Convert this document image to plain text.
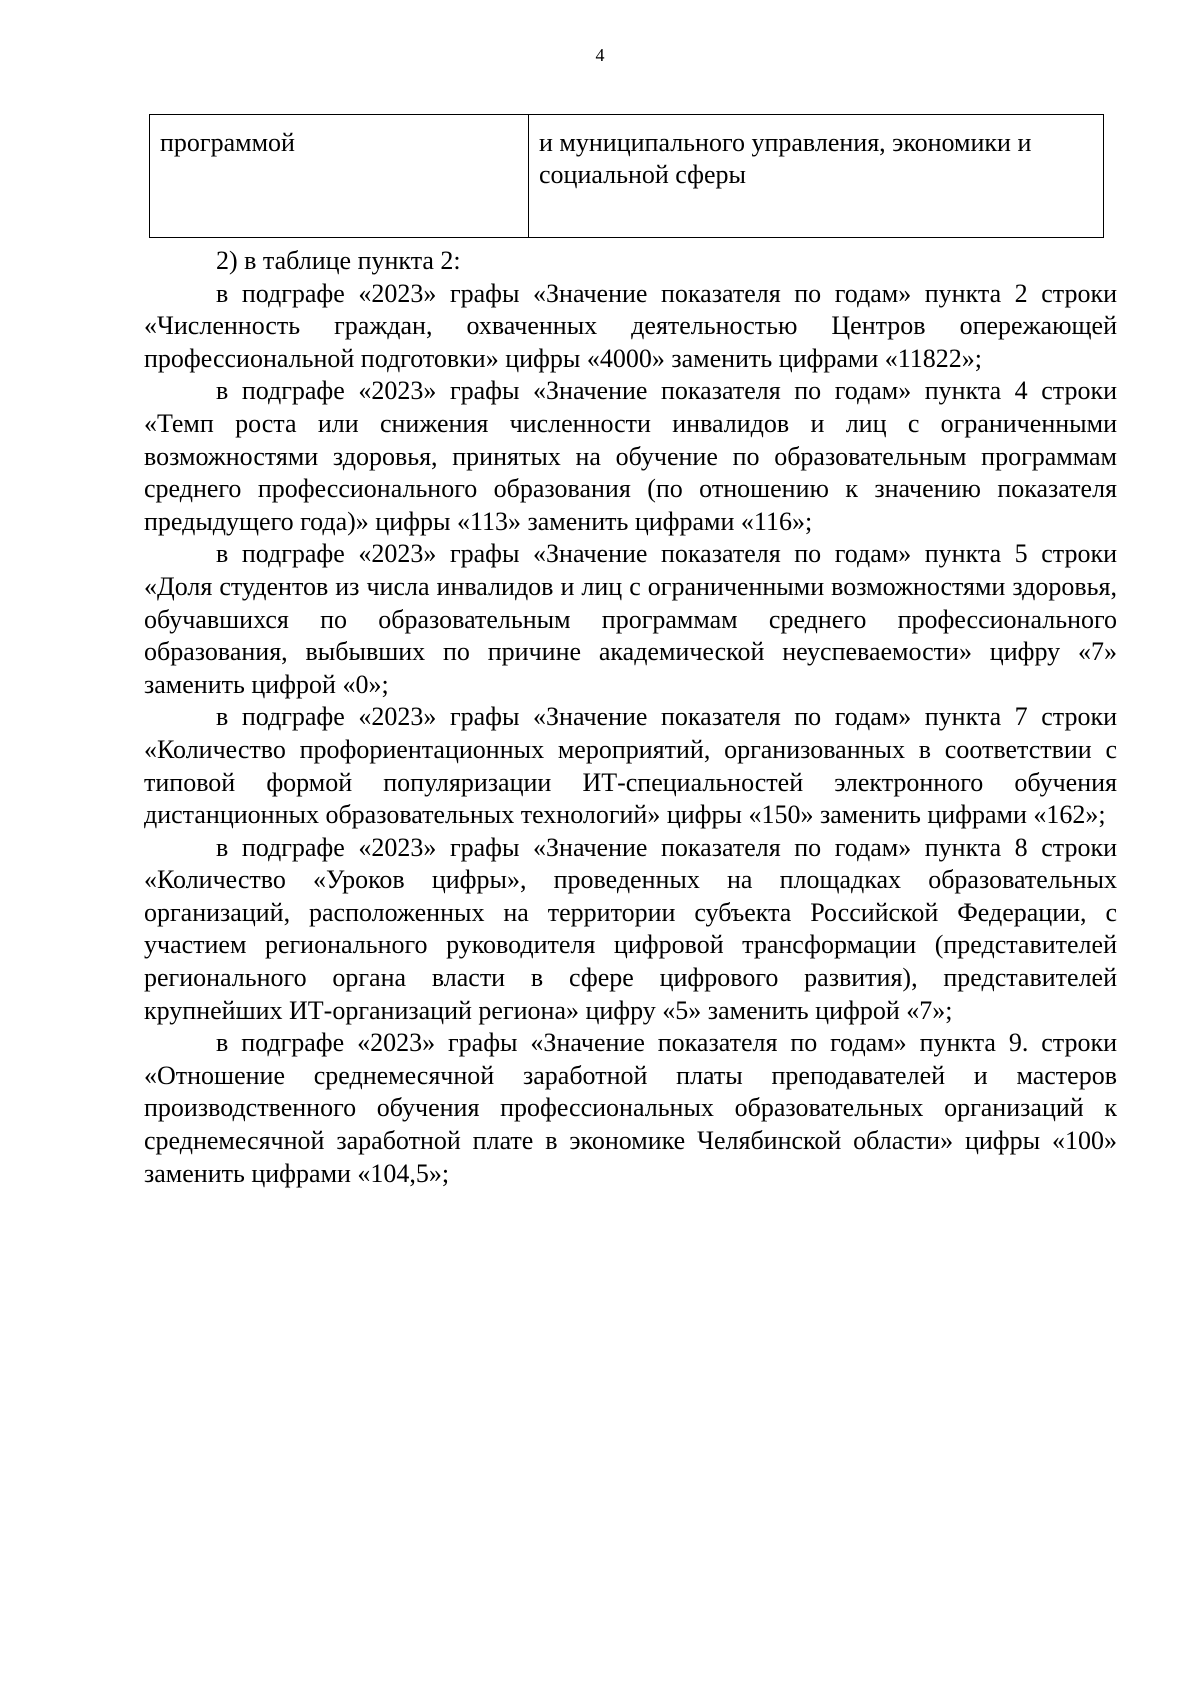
4
программой	и муниципального управления, экономики и социальной сферы

2) в таблице пункта 2:

в подграфе «2023» графы «Значение показателя по годам» пункта 2 строки «Численность граждан, охваченных деятельностью Центров опережающей профессиональной подготовки» цифры «4000» заменить цифрами «11822»;

в подграфе «2023» графы «Значение показателя по годам» пункта 4 строки «Темп роста или снижения численности инвалидов и лиц с ограниченными возможностями здоровья, принятых на обучение по образовательным программам среднего профессионального образования (по отношению к значению показателя предыдущего года)» цифры «113» заменить цифрами «116»;

в подграфе «2023» графы «Значение показателя по годам» пункта 5 строки «Доля студентов из числа инвалидов и лиц с ограниченными возможностями здоровья, обучавшихся по образовательным программам среднего профессионального образования, выбывших по причине академической неуспеваемости» цифру «7» заменить цифрой «0»;

в подграфе «2023» графы «Значение показателя по годам» пункта 7 строки «Количество профориентационных мероприятий, организованных в соответствии с типовой формой популяризации ИТ-специальностей электронного обучения дистанционных образовательных технологий» цифры «150» заменить цифрами «162»;

в подграфе «2023» графы «Значение показателя по годам» пункта 8 строки «Количество «Уроков цифры», проведенных на площадках образовательных организаций, расположенных на территории субъекта Российской Федерации, с участием регионального руководителя цифровой трансформации (представителей регионального органа власти в сфере цифрового развития), представителей крупнейших ИТ-организаций региона» цифру «5» заменить цифрой «7»;

в подграфе «2023» графы «Значение показателя по годам» пункта 9. строки «Отношение среднемесячной заработной платы преподавателей и мастеров производственного обучения профессиональных образовательных организаций к среднемесячной заработной плате в экономике Челябинской области» цифры «100» заменить цифрами «104,5»;
